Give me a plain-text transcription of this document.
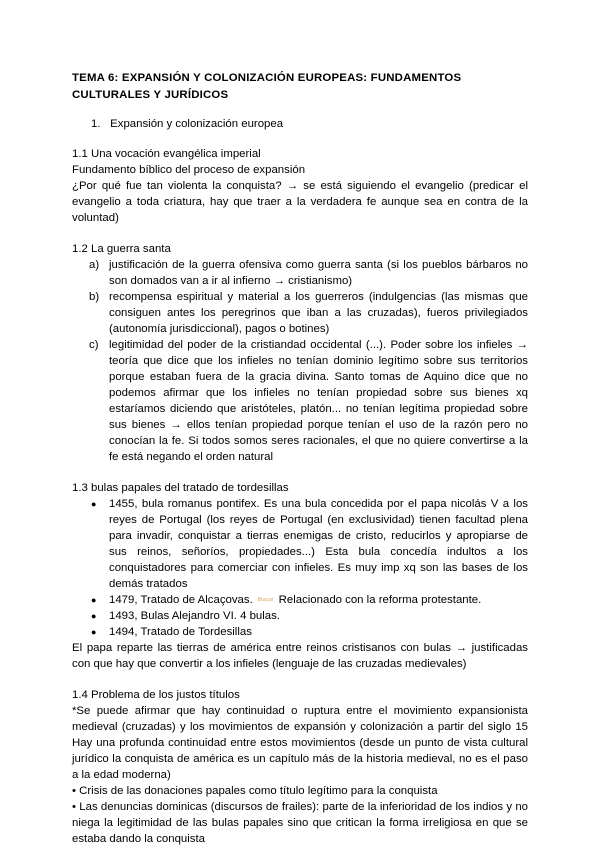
TEMA 6: EXPANSIÓN Y COLONIZACIÓN EUROPEAS: FUNDAMENTOS CULTURALES Y JURÍDICOS
1. Expansión y colonización europea

1.1 Una vocación evangélica imperial

Fundamento bíblico del proceso de expansión

¿Por qué fue tan violenta la conquista? → se está siguiendo el evangelio (predicar el evangelio a toda criatura, hay que traer a la verdadera fe aunque sea en contra de la voluntad)

1.2 La guerra santa

a) justificación de la guerra ofensiva como guerra santa (si los pueblos bárbaros no son domados van a ir al infierno → cristianismo)
b) recompensa espiritual y material a los guerreros (indulgencias (las mismas que consiguen antes los peregrinos que iban a las cruzadas), fueros privilegiados (autonomía jurisdiccional), pagos o botines)
c) legitimidad del poder de la cristiandad occidental (...). Poder sobre los infieles → teoría que dice que los infieles no tenían dominio legítimo sobre sus territorios porque estaban fuera de la gracia divina. Santo tomas de Aquino dice que no podemos afirmar que los infieles no tenían propiedad sobre sus bienes xq estaríamos diciendo que aristóteles, platón... no tenían legítima propiedad sobre sus bienes → ellos tenían propiedad porque tenían el uso de la razón pero no conocían la fe. Si todos somos seres racionales, el que no quiere convertirse a la fe está negando el orden natural

1.3 bulas papales del tratado de tordesillas

● 1455, bula romanus pontifex. Es una bula concedida por el papa nicolás V a los reyes de Portugal (los reyes de Portugal (en exclusividad) tienen facultad plena para invadir, conquistar a tierras enemigas de cristo, reducirlos y apropiarse de sus reinos, señoríos, propiedades...) Esta bula concedía indultos a los conquistadores para comerciar con infieles. Es muy imp xq son las bases de los demás tratados
● 1479, Tratado de Alcaçovas. Buscar Relacionado con la reforma protestante.
● 1493, Bulas Alejandro VI. 4 bulas.
● 1494, Tratado de Tordesillas

El papa reparte las tierras de américa entre reinos cristisanos con bulas → justificadas con que hay que convertir a los infieles (lenguaje de las cruzadas medievales)

1.4 Problema de los justos títulos

*Se puede afirmar que hay continuidad o ruptura entre el movimiento expansionista medieval (cruzadas) y los movimientos de expansión y colonización a partir del siglo 15 Hay una profunda continuidad entre estos movimientos (desde un punto de vista cultural jurídico la conquista de américa es un capítulo más de la historia medieval, no es el paso a la edad moderna)

• Crisis de las donaciones papales como título legítimo para la conquista

• Las denuncias dominicas (discursos de frailes): parte de la inferioridad de los indios y no niega la legitimidad de las bulas papales sino que critican la forma irreligiosa en que se estaba dando la conquista
